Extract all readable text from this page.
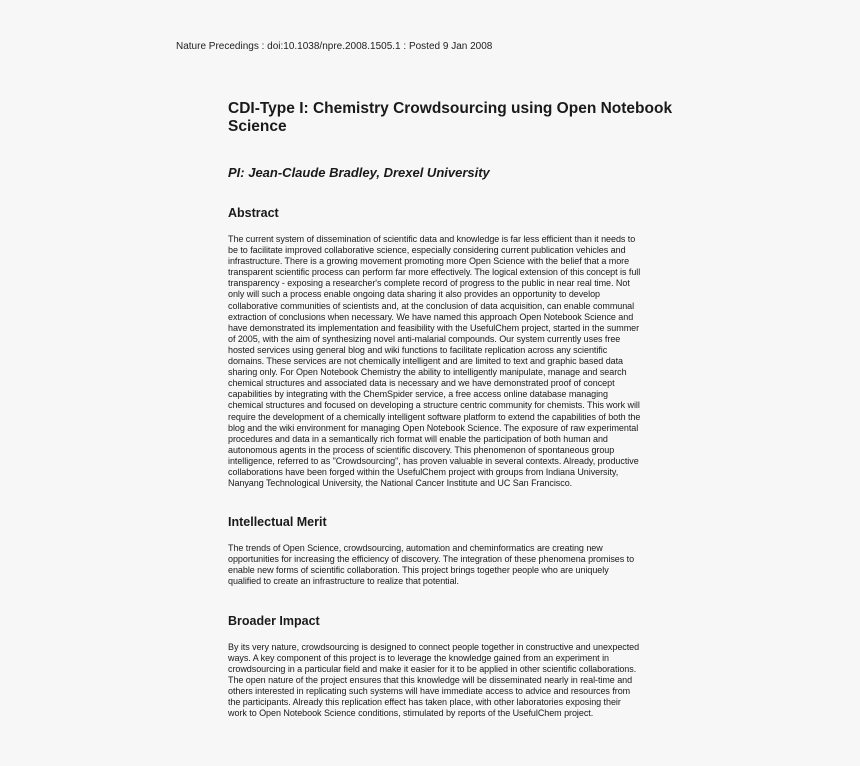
Nature Precedings : doi:10.1038/npre.2008.1505.1 : Posted 9 Jan 2008
CDI-Type I: Chemistry Crowdsourcing using Open Notebook Science
PI: Jean-Claude Bradley, Drexel University
Abstract

The current system of dissemination of scientific data and knowledge is far less efficient than it needs to
be to facilitate improved collaborative science, especially considering current publication vehicles and
infrastructure. There is a growing movement promoting more Open Science with the belief that a more
transparent scientific process can perform far more effectively. The logical extension of this concept is full
transparency - exposing a researcher's complete record of progress to the public in near real time. Not
only will such a process enable ongoing data sharing it also provides an opportunity to develop
collaborative communities of scientists and, at the conclusion of data acquisition, can enable communal
extraction of conclusions when necessary. We have named this approach Open Notebook Science and
have demonstrated its implementation and feasibility with the UsefulChem project, started in the summer
of 2005, with the aim of synthesizing novel anti-malarial compounds. Our system currently uses free
hosted services using general blog and wiki functions to facilitate replication across any scientific
domains. These services are not chemically intelligent and are limited to text and graphic based data
sharing only. For Open Notebook Chemistry the ability to intelligently manipulate, manage and search
chemical structures and associated data is necessary and we have demonstrated proof of concept
capabilities by integrating with the ChemSpider service, a free access online database managing
chemical structures and focused on developing a structure centric community for chemists. This work will
require the development of a chemically intelligent software platform to extend the capabilities of both the
blog and the wiki environment for managing Open Notebook Science. The exposure of raw experimental
procedures and data in a semantically rich format will enable the participation of both human and
autonomous agents in the process of scientific discovery. This phenomenon of spontaneous group
intelligence, referred to as "Crowdsourcing", has proven valuable in several contexts. Already, productive
collaborations have been forged within the UsefulChem project with groups from Indiana University,
Nanyang Technological University, the National Cancer Institute and UC San Francisco.

Intellectual Merit

The trends of Open Science, crowdsourcing, automation and cheminformatics are creating new
opportunities for increasing the efficiency of discovery. The integration of these phenomena promises to
enable new forms of scientific collaboration. This project brings together people who are uniquely
qualified to create an infrastructure to realize that potential.

Broader Impact

By its very nature, crowdsourcing is designed to connect people together in constructive and unexpected
ways. A key component of this project is to leverage the knowledge gained from an experiment in
crowdsourcing in a particular field and make it easier for it to be applied in other scientific collaborations.
The open nature of the project ensures that this knowledge will be disseminated nearly in real-time and
others interested in replicating such systems will have immediate access to advice and resources from
the participants. Already this replication effect has taken place, with other laboratories exposing their
work to Open Notebook Science conditions, stimulated by reports of the UsefulChem project.
